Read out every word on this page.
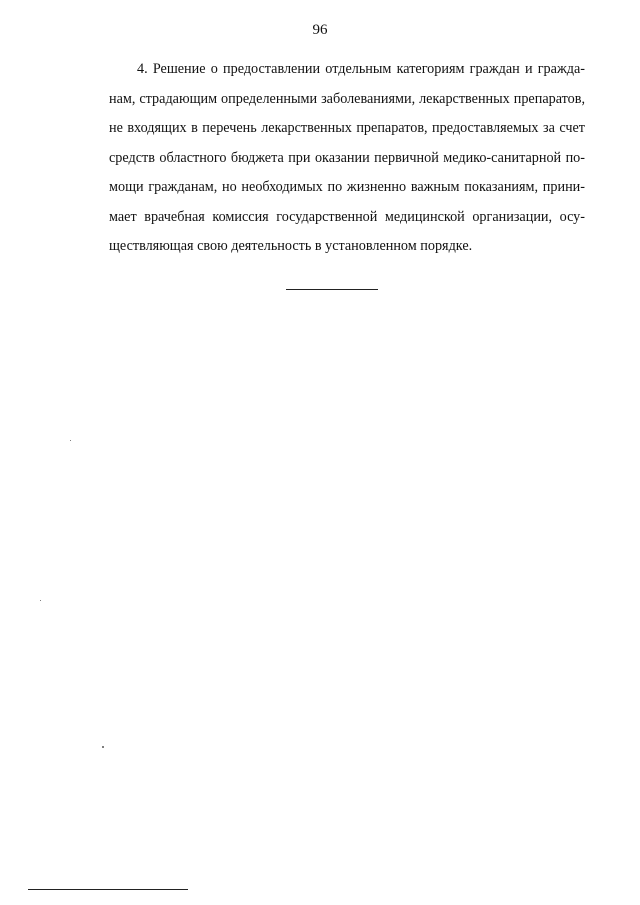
96
4. Решение о предоставлении отдельным категориям граждан и гражда-
нам, страдающим определенными заболеваниями, лекарственных препаратов,
не входящих в перечень лекарственных препаратов, предоставляемых за счет
средств областного бюджета при оказании первичной медико-санитарной по-
мощи гражданам, но необходимых по жизненно важным показаниям, прини-
мает врачебная комиссия государственной медицинской организации, осу-
ществляющая свою деятельность в установленном порядке.
